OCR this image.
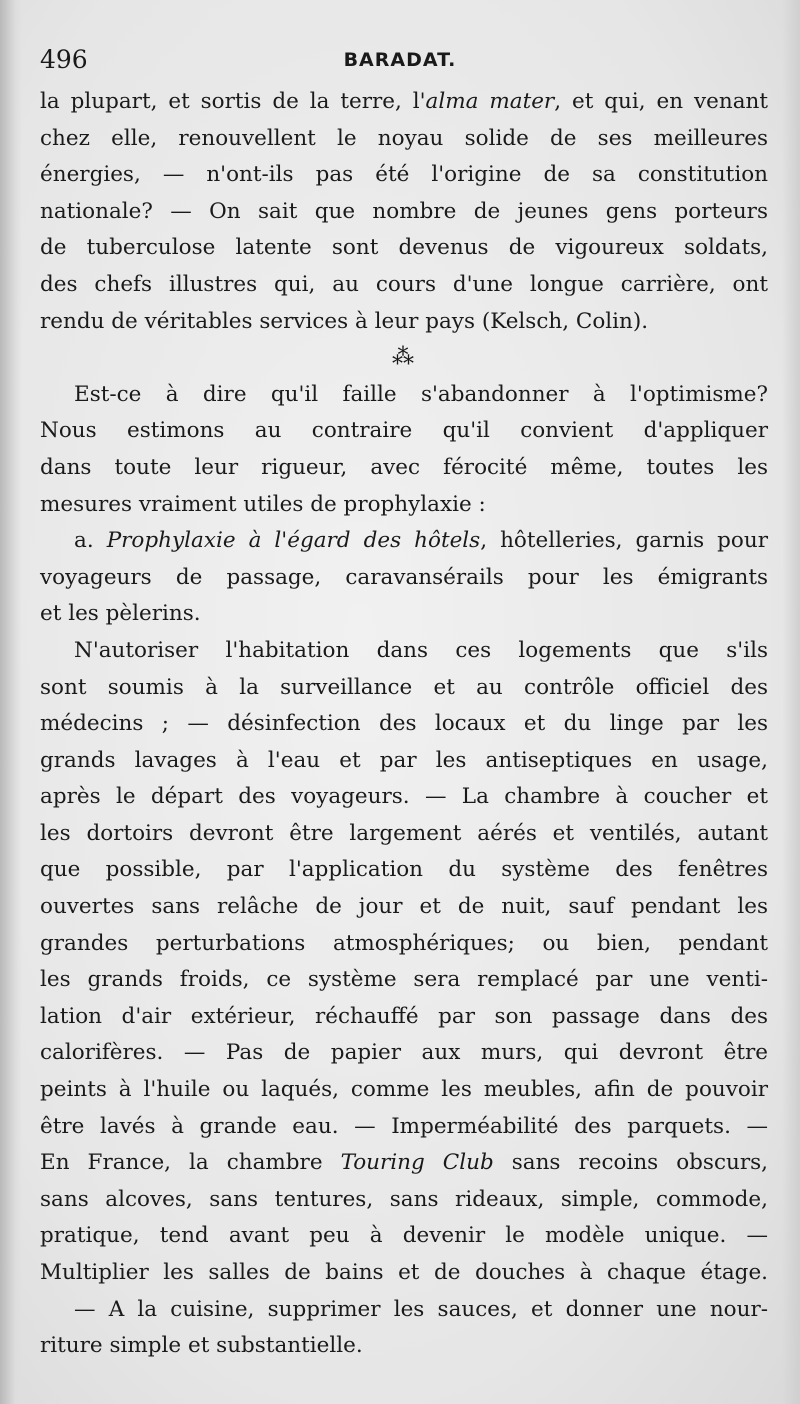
496	BARADAT.
la plupart, et sortis de la terre, l'alma mater, et qui, en venant
chez elle, renouvellent le noyau solide de ses meilleures
énergies, — n'ont-ils pas été l'origine de sa constitution
nationale? — On sait que nombre de jeunes gens porteurs
de tuberculose latente sont devenus de vigoureux soldats,
des chefs illustres qui, au cours d'une longue carrière, ont
rendu de véritables services à leur pays (Kelsch, Colin).
⁂
Est-ce à dire qu'il faille s'abandonner à l'optimisme?
Nous estimons au contraire qu'il convient d'appliquer
dans toute leur rigueur, avec férocité même, toutes les
mesures vraiment utiles de prophylaxie :
a. Prophylaxie à l'égard des hôtels, hôtelleries, garnis pour
voyageurs de passage, caravansérails pour les émigrants
et les pèlerins.
N'autoriser l'habitation dans ces logements que s'ils
sont soumis à la surveillance et au contrôle officiel des
médecins ; — désinfection des locaux et du linge par les
grands lavages à l'eau et par les antiseptiques en usage,
après le départ des voyageurs. — La chambre à coucher et
les dortoirs devront être largement aérés et ventilés, autant
que possible, par l'application du système des fenêtres
ouvertes sans relâche de jour et de nuit, sauf pendant les
grandes perturbations atmosphériques; ou bien, pendant
les grands froids, ce système sera remplacé par une venti-
lation d'air extérieur, réchauffé par son passage dans des
calorifères. — Pas de papier aux murs, qui devront être
peints à l'huile ou laqués, comme les meubles, afin de pouvoir
être lavés à grande eau. — Imperméabilité des parquets. —
En France, la chambre Touring Club sans recoins obscurs,
sans alcoves, sans tentures, sans rideaux, simple, commode,
pratique, tend avant peu à devenir le modèle unique. —
Multiplier les salles de bains et de douches à chaque étage.
— A la cuisine, supprimer les sauces, et donner une nour-
riture simple et substantielle.
